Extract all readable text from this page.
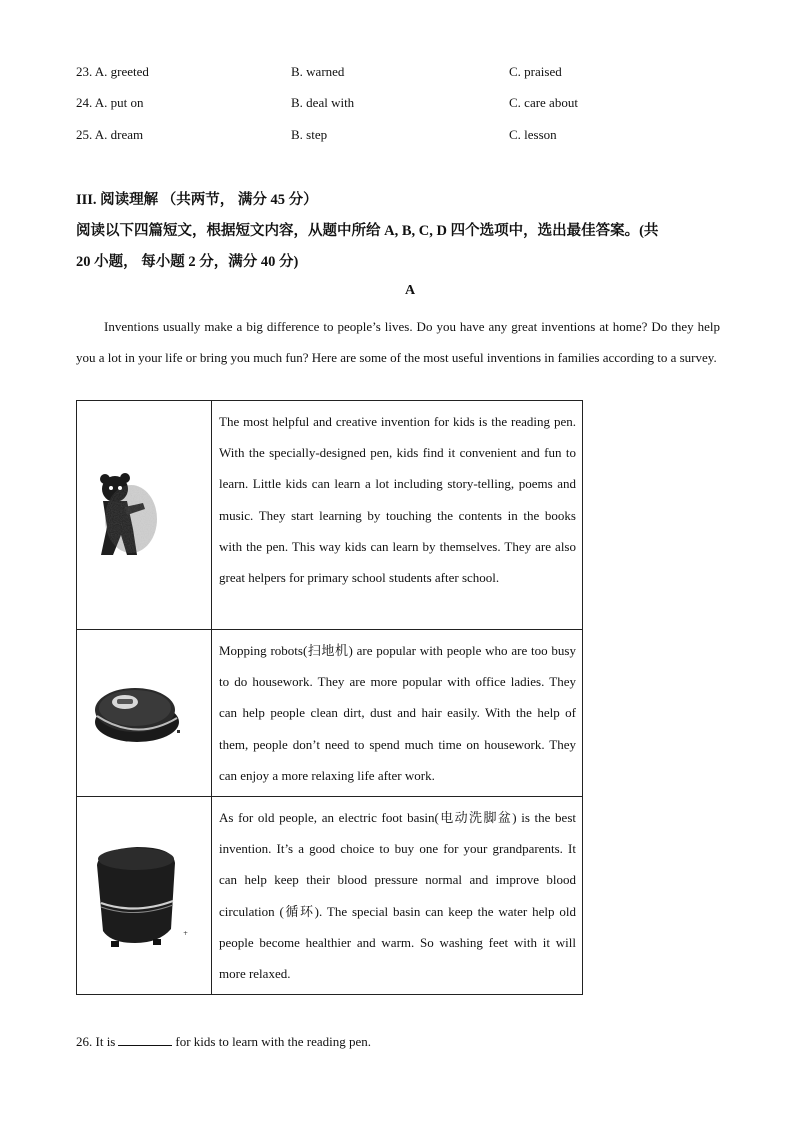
23. A. greeted	B. warned	C. praised
24. A. put on	B. deal with	C. care about
25. A. dream	B. step	C. lesson
III. 阅读理解 （共两节， 满分 45 分）
阅读以下四篇短文，根据短文内容，从题中所给 A, B, C, D 四个选项中，选出最佳答案。(共
20 小题， 每小题 2 分，满分 40 分)
A
Inventions usually make a big difference to people’s lives. Do you have any great inventions at home? Do they help you a lot in your life or bring you much fun? Here are some of the most useful inventions in families according to a survey.
	The most helpful and creative invention for kids is the reading pen. With the specially-designed pen, kids find it convenient and fun to learn. Little kids can learn a lot including story-telling, poems and music. They start learning by touching the contents in the books with the pen. This way kids can learn by themselves. They are also great helpers for primary school students after school.

	Mopping robots(扫地机) are popular with people who are too busy to do housework. They are more popular with office ladies. They can help people clean dirt, dust and hair easily. With the help of them, people don’t need to spend much time on housework. They can enjoy a more relaxing life after work.

+	As for old people, an electric foot basin(电动洗脚盆) is the best invention. It’s a good choice to buy one for your grandparents. It can help keep their blood pressure normal and improve blood circulation (循环). The special basin can keep the water help old people become healthier and warm. So washing feet with it will more relaxed.
26. It is	for kids to learn with the reading pen.
